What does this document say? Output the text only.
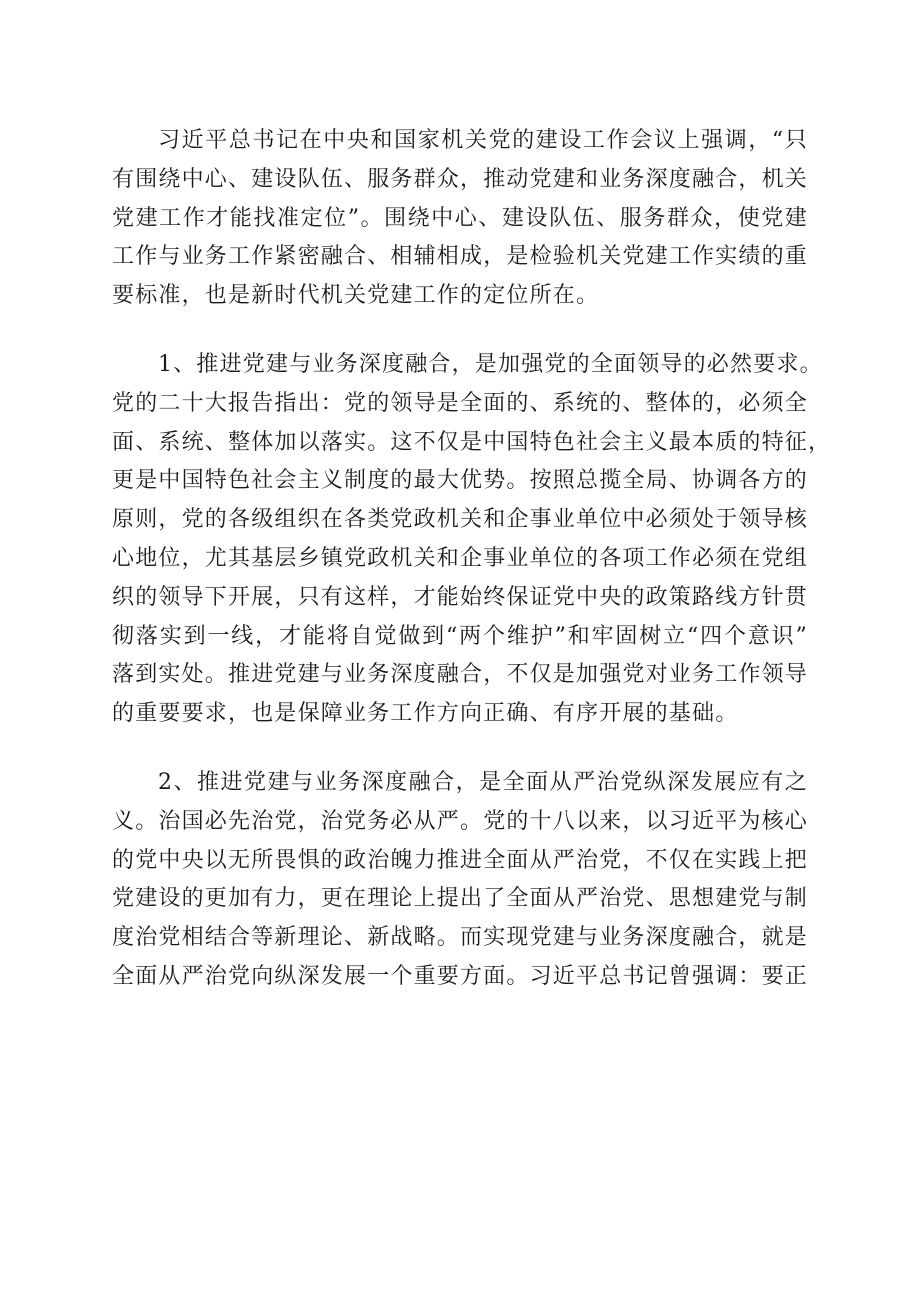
习近平总书记在中央和国家机关党的建设工作会议上强调，“只
有围绕中心、建设队伍、服务群众，推动党建和业务深度融合，机关
党建工作才能找准定位”。围绕中心、建设队伍、服务群众，使党建
工作与业务工作紧密融合、相辅相成，是检验机关党建工作实绩的重
要标准，也是新时代机关党建工作的定位所在。
1、推进党建与业务深度融合，是加强党的全面领导的必然要求。
党的二十大报告指出：党的领导是全面的、系统的、整体的，必须全
面、系统、整体加以落实。这不仅是中国特色社会主义最本质的特征，
更是中国特色社会主义制度的最大优势。按照总揽全局、协调各方的
原则，党的各级组织在各类党政机关和企事业单位中必须处于领导核
心地位，尤其基层乡镇党政机关和企事业单位的各项工作必须在党组
织的领导下开展，只有这样，才能始终保证党中央的政策路线方针贯
彻落实到一线，才能将自觉做到“两个维护”和牢固树立“四个意识”
落到实处。推进党建与业务深度融合，不仅是加强党对业务工作领导
的重要要求，也是保障业务工作方向正确、有序开展的基础。
2、推进党建与业务深度融合，是全面从严治党纵深发展应有之
义。治国必先治党，治党务必从严。党的十八以来，以习近平为核心
的党中央以无所畏惧的政治魄力推进全面从严治党，不仅在实践上把
党建设的更加有力，更在理论上提出了全面从严治党、思想建党与制
度治党相结合等新理论、新战略。而实现党建与业务深度融合，就是
全面从严治党向纵深发展一个重要方面。习近平总书记曾强调：要正
